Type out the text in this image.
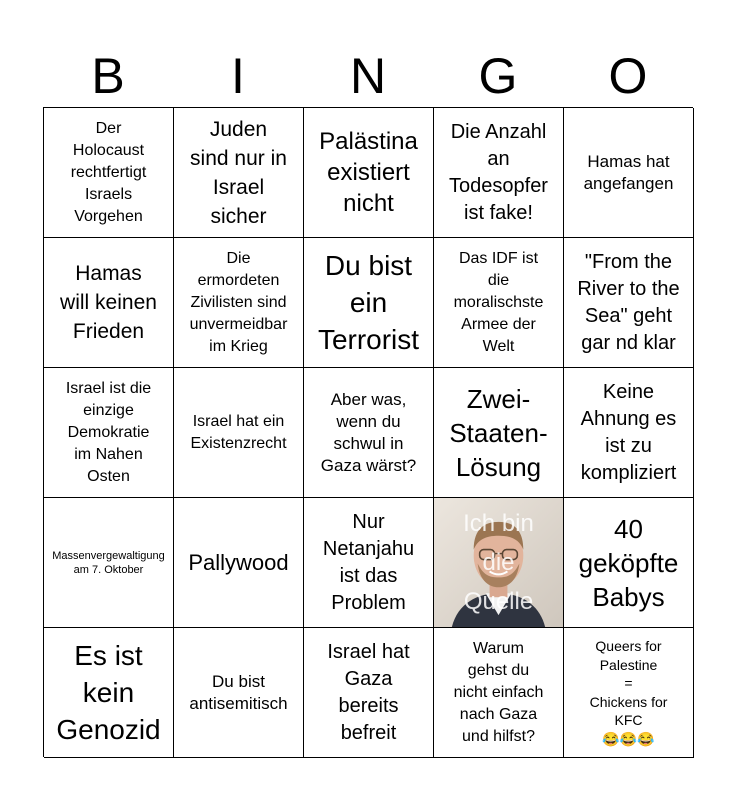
B	I	N	G	O
Der
Holocaust
rechtfertigt
Israels
Vorgehen
Juden
sind nur in
Israel
sicher
Palästina
existiert
nicht
Die Anzahl
an
Todesopfer
ist fake!
Hamas hat
angefangen
Hamas
will keinen
Frieden
Die
ermordeten
Zivilisten sind
unvermeidbar
im Krieg
Du bist
ein
Terrorist
Das IDF ist
die
moralischste
Armee der
Welt
"From the
River to the
Sea" geht
gar nd klar
Israel ist die
einzige
Demokratie
im Nahen
Osten
Israel hat ein
Existenzrecht
Aber was,
wenn du
schwul in
Gaza wärst?
Zwei-
Staaten-
Lösung
Keine
Ahnung es
ist zu
kompliziert
Massenvergewaltigung
am 7. Oktober	Pallywood
Nur
Netanjahu
ist das
Problem
Ich bin
die
Quelle
40
geköpfte
Babys
Es ist
kein
Genozid
Du bist
antisemitisch
Israel hat
Gaza
bereits
befreit
Warum
gehst du
nicht einfach
nach Gaza
und hilfst?
Queers for
Palestine
=
Chickens for
KFC
😂😂😂
